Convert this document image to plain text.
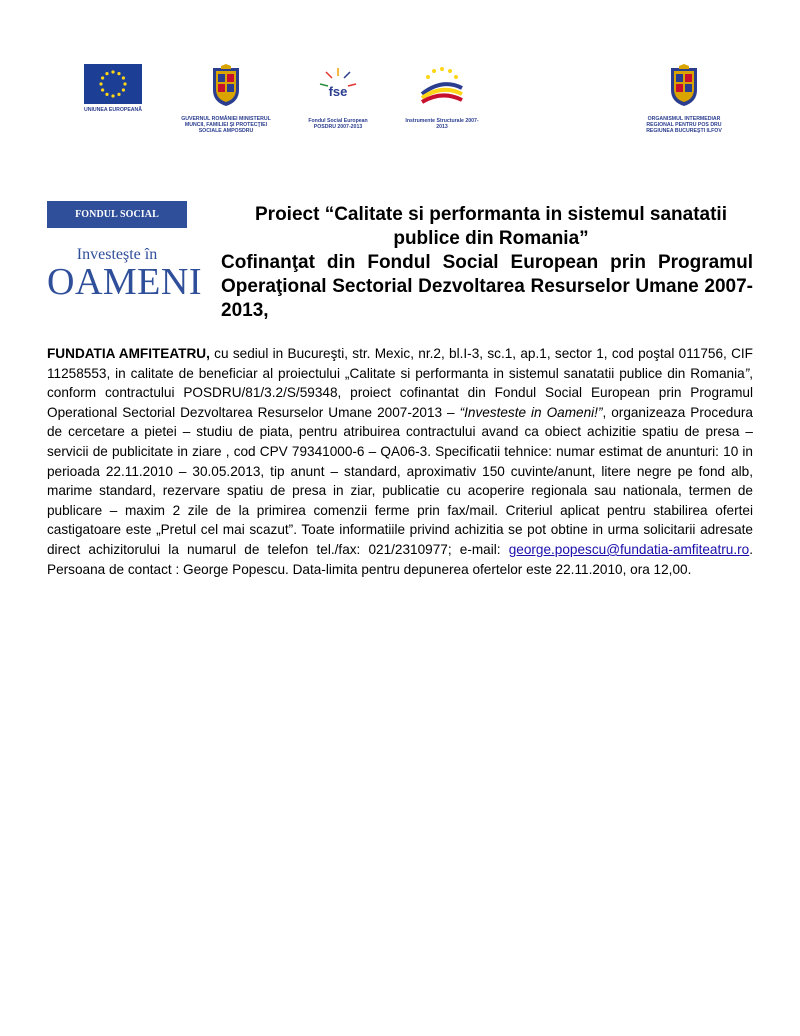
UNIUNEA EUROPEANĂ
GUVERNUL ROMÂNIEI MINISTERUL MUNCII, FAMILIEI ŞI PROTECŢIEI SOCIALE AMPOSDRU
fse
Fondul Social European POSDRU 2007-2013
Instrumente Structurale 2007-2013
ORGANISMUL INTERMEDIAR REGIONAL PENTRU POS DRU REGIUNEA BUCUREŞTI ILFOV
FONDUL SOCIAL EUROPEAN
Investeşte în
OAMENI
Proiect “Calitate si performanta in sistemul sanatatii publice din Romania”
Cofinanţat din Fondul Social European prin Programul Operaţional Sectorial Dezvoltarea Resurselor Umane 2007- 2013,
FUNDATIA AMFITEATRU, cu sediul in Bucureşti, str. Mexic, nr.2, bl.I-3, sc.1, ap.1, sector 1, cod poştal 011756, CIF 11258553, in calitate de beneficiar al proiectului „Calitate si performanta in sistemul sanatatii publice din Romania”, conform contractului POSDRU/81/3.2/S/59348, proiect cofinantat din Fondul Social European prin Programul Operational Sectorial Dezvoltarea Resurselor Umane 2007-2013 – “Investeste in Oameni!”, organizeaza Procedura de cercetare a pietei – studiu de piata, pentru atribuirea contractului avand ca obiect achizitie spatiu de presa – servicii de publicitate in ziare , cod CPV 79341000-6 – QA06-3. Specificatii tehnice: numar estimat de anunturi: 10 in perioada 22.11.2010 – 30.05.2013, tip anunt – standard, aproximativ 150 cuvinte/anunt, litere negre pe fond alb, marime standard, rezervare spatiu de presa in ziar, publicatie cu acoperire regionala sau nationala, termen de publicare – maxim 2 zile de la primirea comenzii ferme prin fax/mail. Criteriul aplicat pentru stabilirea ofertei castigatoare este „Pretul cel mai scazut”. Toate informatiile privind achizitia se pot obtine in urma solicitarii adresate direct achizitorului la numarul de telefon tel./fax: 021/2310977; e-mail: george.popescu@fundatia-amfiteatru.ro. Persoana de contact : George Popescu. Data-limita pentru depunerea ofertelor este 22.11.2010, ora 12,00.
